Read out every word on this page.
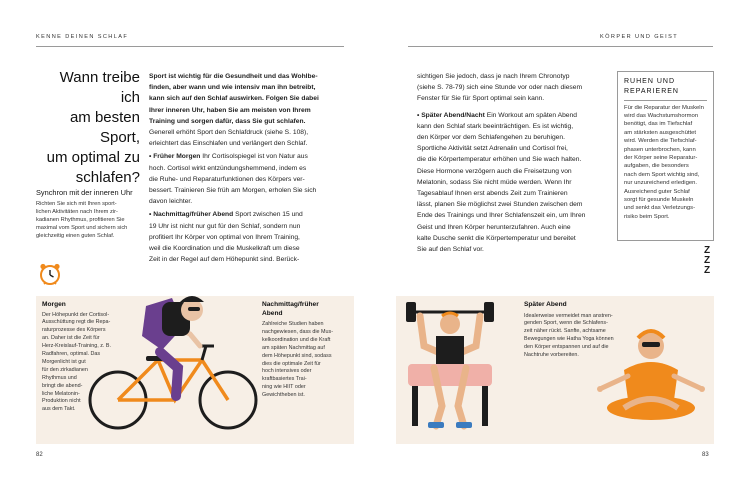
KENNE DEINEN SCHLAF	KÖRPER UND GEIST
Wann treibe ich
am besten Sport,
um optimal zu
schlafen?
Synchron mit der inneren Uhr
Richten Sie sich mit Ihren sport-
lichen Aktivitäten nach Ihrem zir-
kadianen Rhythmus, profitieren Sie
maximal vom Sport und sichern sich
gleichzeitig einen guten Schlaf.
Sport ist wichtig für die Gesundheit und das Wohlbe-
finden, aber wann und wie intensiv man ihn betreibt,
kann sich auf den Schlaf auswirken. Folgen Sie dabei
Ihrer inneren Uhr, haben Sie am meisten von Ihrem
Training und sorgen dafür, dass Sie gut schlafen.
Generell erhöht Sport den Schlafdruck (siehe S. 108),
erleichtert das Einschlafen und verlängert den Schlaf.
• Früher Morgen Ihr Cortisolspiegel ist von Natur aus
hoch. Cortisol wirkt entzündungshemmend, indem es
die Ruhe- und Reparaturfunktionen des Körpers ver-
bessert. Trainieren Sie früh am Morgen, erholen Sie sich
davon leichter.
• Nachmittag/früher Abend Sport zwischen 15 und
19 Uhr ist nicht nur gut für den Schlaf, sondern nun
profitiert Ihr Körper von optimal von Ihrem Training,
weil die Koordination und die Muskelkraft um diese
Zeit in der Regel auf dem Höhepunkt sind. Berück-
sichtigen Sie jedoch, dass je nach Ihrem Chronotyp
(siehe S. 78-79) sich eine Stunde vor oder nach diesem
Fenster für Sie für Sport optimal sein kann.
• Später Abend/Nacht Ein Workout am späten Abend
kann den Schlaf stark beeinträchtigen. Es ist wichtig,
den Körper vor dem Schlafengehen zu beruhigen.
Sportliche Aktivität setzt Adrenalin und Cortisol frei,
die die Körpertemperatur erhöhen und Sie wach halten.
Diese Hormone verzögern auch die Freisetzung von
Melatonin, sodass Sie nicht müde werden. Wenn Ihr
Tagesablauf Ihnen erst abends Zeit zum Trainieren
lässt, planen Sie möglichst zwei Stunden zwischen dem
Ende des Trainings und Ihrer Schlafenszeit ein, um Ihren
Geist und Ihren Körper herunterzufahren. Auch eine
kalte Dusche senkt die Körpertemperatur und bereitet
Sie auf den Schlaf vor.
RUHEN UND
REPARIEREN
Für die Reparatur der Muskeln
wird das Wachstumshormon
benötigt, das im Tiefschlaf
am stärksten ausgeschüttet
wird. Werden die Tiefschlaf-
phasen unterbrochen, kann
der Körper seine Reparatur-
aufgaben, die besonders
nach dem Sport wichtig sind,
nur unzureichend erledigen.
Ausreichend guter Schlaf
sorgt für gesunde Muskeln
und senkt das Verletzungs-
risiko beim Sport.
Z
Z
Z
Morgen
Der Höhepunkt der Cortisol-
Ausschüttung regt die Repa-
raturprozesse des Körpers
an. Daher ist die Zeit für
Herz-Kreislauf-Training, z. B.
Radfahren, optimal. Das
Morgenlicht ist gut
für den zirkadianen
Rhythmus und
bringt die abend-
liche Melatonin-
Produktion nicht
aus dem Takt.
Nachmittag/früher
Abend
Zahlreiche Studien haben
nachgewiesen, dass die Mus-
kelkoordination und die Kraft
am späten Nachmittag auf
dem Höhepunkt sind, sodass
dies die optimale Zeit für
hoch intensives oder
kraftbasiertes Trai-
ning wie HIIT oder
Gewichtheben ist.
Später Abend
Idealerweise vermeidet man anstren-
genden Sport, wenn die Schlafens-
zeit näher rückt. Sanfte, achtsame
Bewegungen wie Hatha Yoga können
den Körper entspannen und auf die
Nachtruhe vorbereiten.
82	83
